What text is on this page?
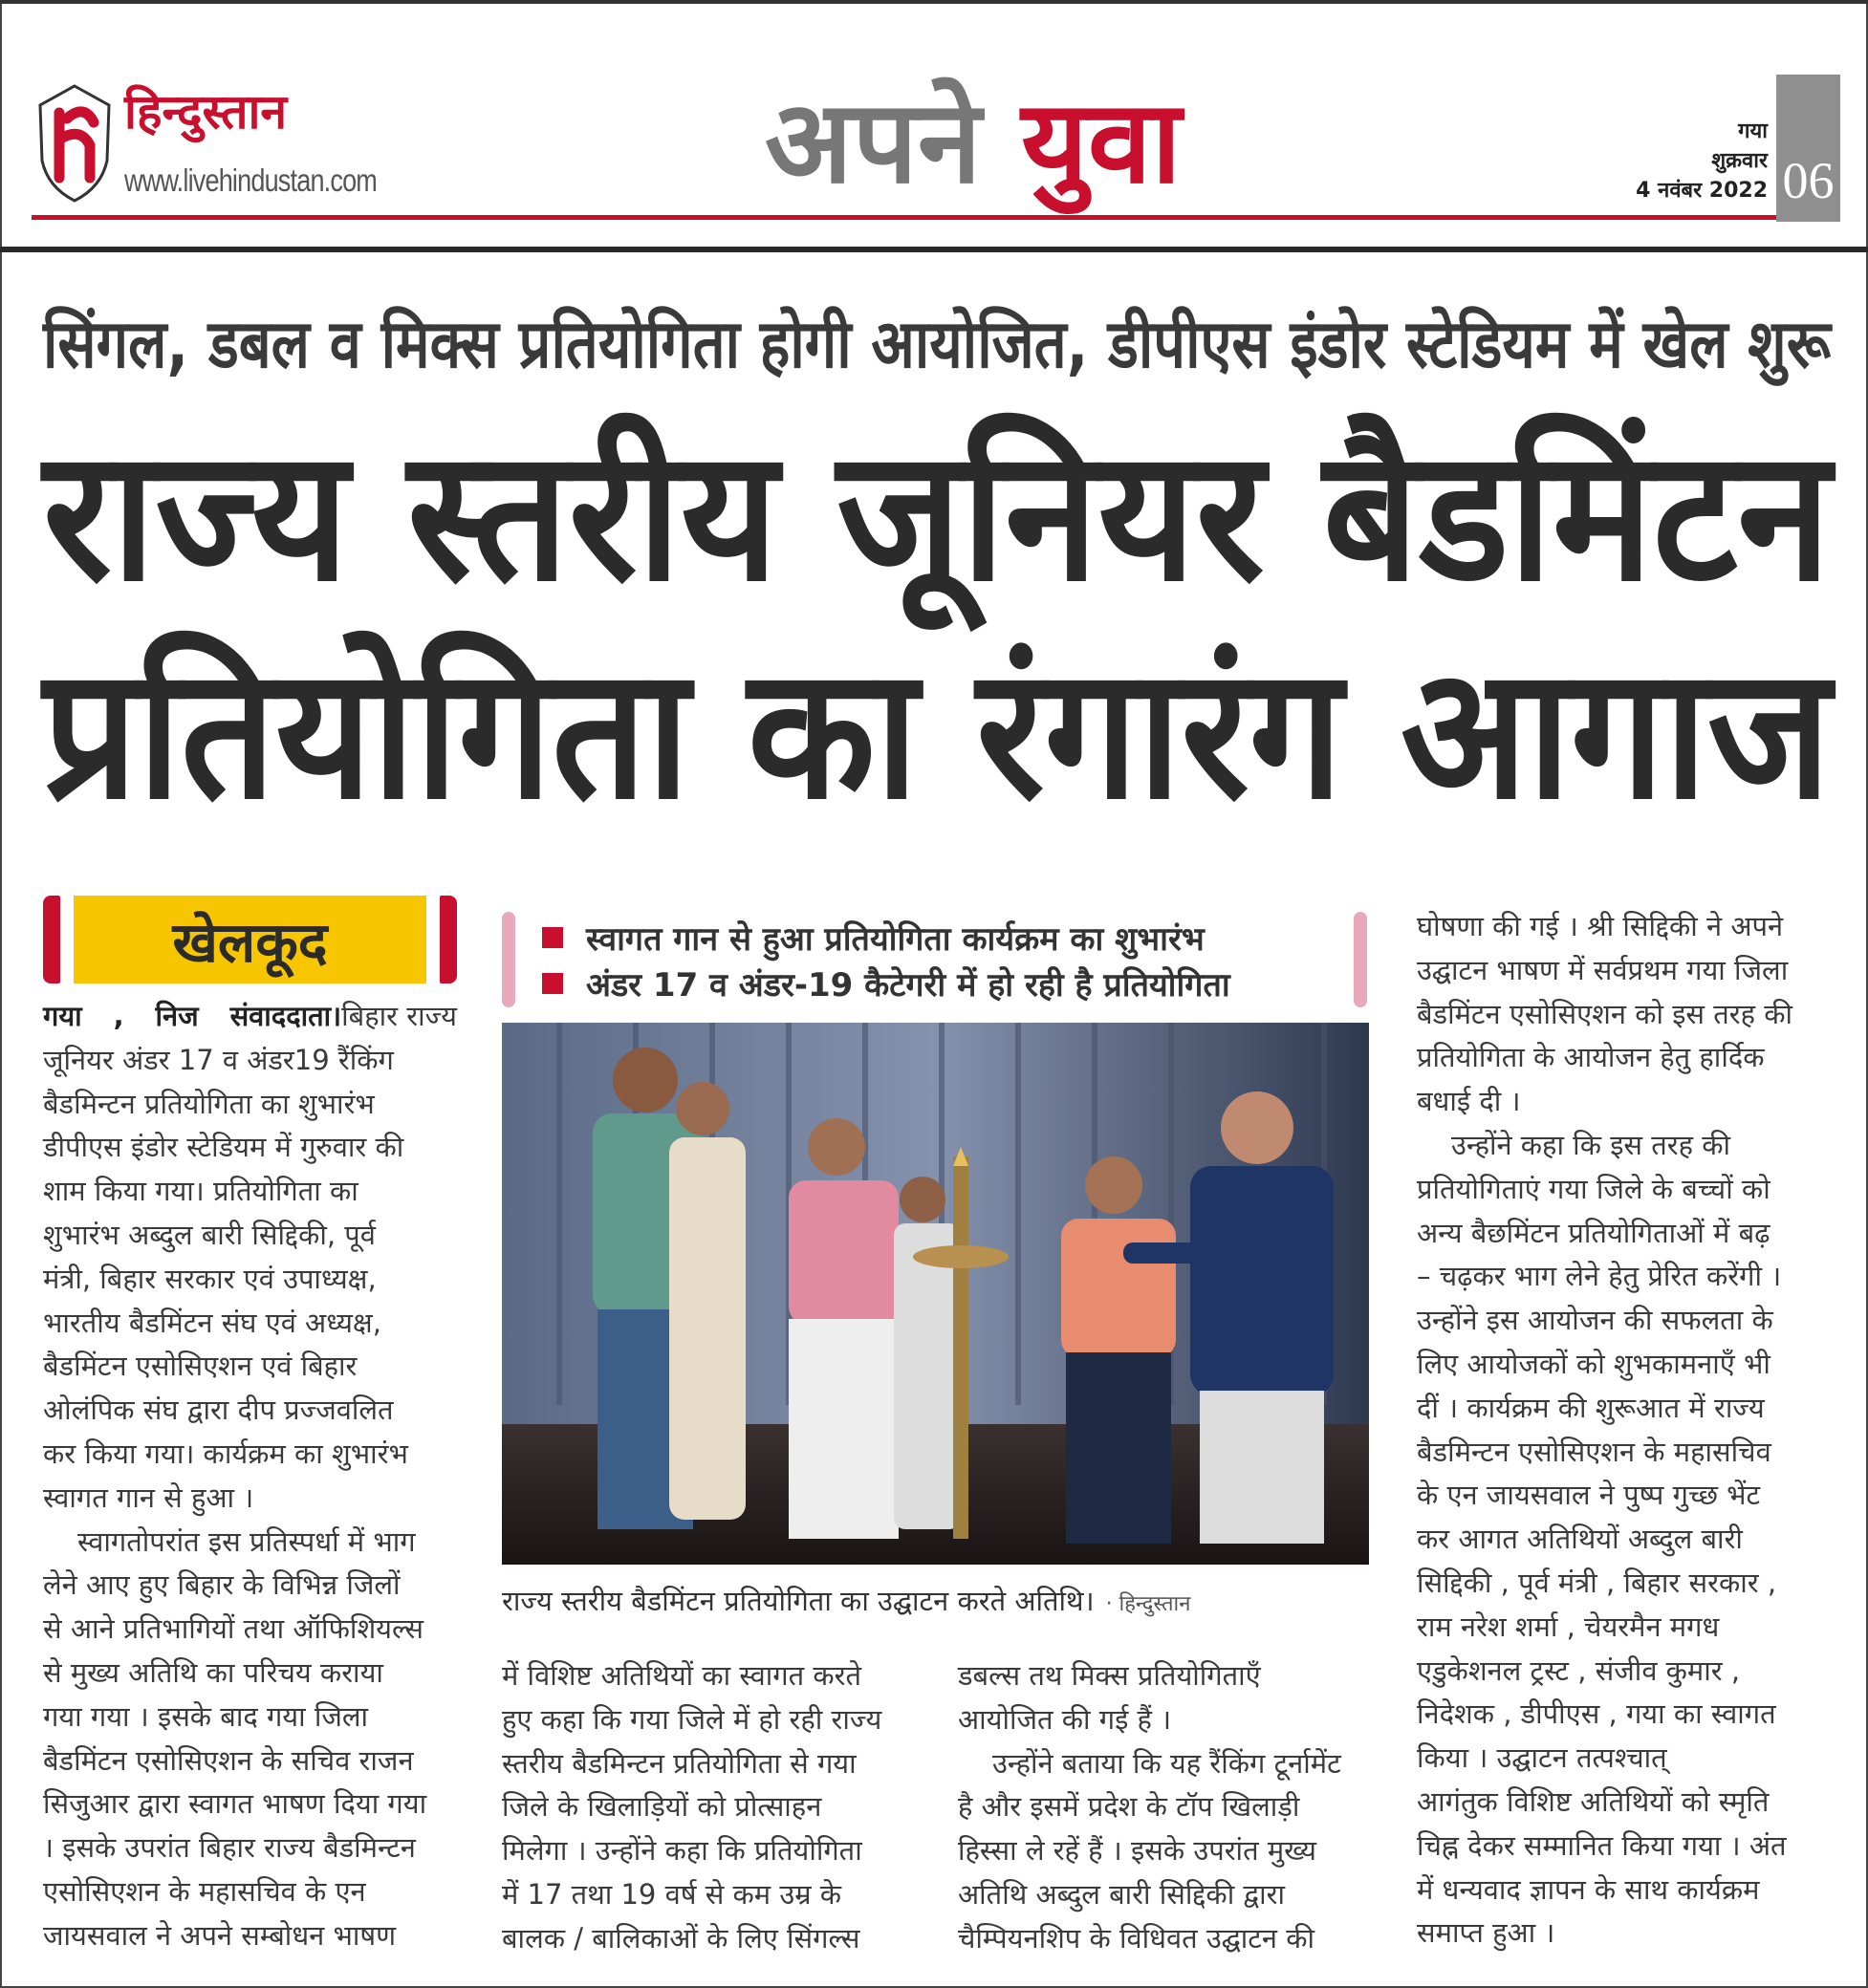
हिन्दुस्तान
www.livehindustan.com	अपने युवा	गया
शुक्रवार
4 नवंबर 2022 06
सिंगल, डबल व मिक्स प्रतियोगिता होगी आयोजित, डीपीएस इंडोर स्टेडियम में खेल शुरू
राज्य स्तरीय जूनियर बैडमिंटन
प्रतियोगिता का रंगारंग आगाज
खेलकूद	स्वागत गान से हुआ प्रतियोगिता कार्यक्रम का शुभारंभ
अंडर 17 व अंडर-19 कैटेगरी में हो रही है प्रतियोगिता
राज्य स्तरीय बैडमिंटन प्रतियोगिता का उद्घाटन करते अतिथि। · हिन्दुस्तान
गया , निज संवाददाता।बिहार राज्य
जूनियर अंडर 17 व अंडर19 रैंकिंग
बैडमिन्टन प्रतियोगिता का शुभारंभ
डीपीएस इंडोर स्टेडियम में गुरुवार की
शाम किया गया। प्रतियोगिता का
शुभारंभ अब्दुल बारी सिद्दिकी, पूर्व
मंत्री, बिहार सरकार एवं उपाध्यक्ष,
भारतीय बैडमिंटन संघ एवं अध्यक्ष,
बैडमिंटन एसोसिएशन एवं बिहार
ओलंपिक संघ द्वारा दीप प्रज्जवलित
कर किया गया। कार्यक्रम का शुभारंभ
स्वागत गान से हुआ ।
स्वागतोपरांत इस प्रतिस्पर्धा में भाग
लेने आए हुए बिहार के विभिन्न जिलों
से आने प्रतिभागियों तथा ऑफिशियल्स
से मुख्य अतिथि का परिचय कराया
गया गया । इसके बाद गया जिला
बैडमिंटन एसोसिएशन के सचिव राजन
सिजुआर द्वारा स्वागत भाषण दिया गया
। इसके उपरांत बिहार राज्य बैडमिन्टन
एसोसिएशन के महासचिव के एन
जायसवाल ने अपने सम्बोधन भाषण
में विशिष्ट अतिथियों का स्वागत करते
हुए कहा कि गया जिले में हो रही राज्य
स्तरीय बैडमिन्टन प्रतियोगिता से गया
जिले के खिलाड़ियों को प्रोत्साहन
मिलेगा । उन्होंने कहा कि प्रतियोगिता
में 17 तथा 19 वर्ष से कम उम्र के
बालक / बालिकाओं के लिए सिंगल्स
डबल्स तथ मिक्स प्रतियोगिताएँ
आयोजित की गई हैं ।
उन्होंने बताया कि यह रैंकिंग टूर्नामेंट
है और इसमें प्रदेश के टॉप खिलाड़ी
हिस्सा ले रहें हैं । इसके उपरांत मुख्य
अतिथि अब्दुल बारी सिद्दिकी द्वारा
चैम्पियनशिप के विधिवत उद्घाटन की
घोषणा की गई । श्री सिद्दिकी ने अपने
उद्घाटन भाषण में सर्वप्रथम गया जिला
बैडमिंटन एसोसिएशन को इस तरह की
प्रतियोगिता के आयोजन हेतु हार्दिक
बधाई दी ।
उन्होंने कहा कि इस तरह की
प्रतियोगिताएं गया जिले के बच्चों को
अन्य बैछमिंटन प्रतियोगिताओं में बढ़
– चढ़कर भाग लेने हेतु प्रेरित करेंगी ।
उन्होंने इस आयोजन की सफलता के
लिए आयोजकों को शुभकामनाएँ भी
दीं । कार्यक्रम की शुरूआत में राज्य
बैडमिन्टन एसोसिएशन के महासचिव
के एन जायसवाल ने पुष्प गुच्छ भेंट
कर आगत अतिथियों अब्दुल बारी
सिद्दिकी , पूर्व मंत्री , बिहार सरकार ,
राम नरेश शर्मा , चेयरमैन मगध
एडुकेशनल ट्रस्ट , संजीव कुमार ,
निदेशक , डीपीएस , गया का स्वागत
किया । उद्घाटन तत्पश्चात्
आगंतुक विशिष्ट अतिथियों को स्मृति
चिह्न देकर सम्मानित किया गया । अंत
में धन्यवाद ज्ञापन के साथ कार्यक्रम
समाप्त हुआ ।
